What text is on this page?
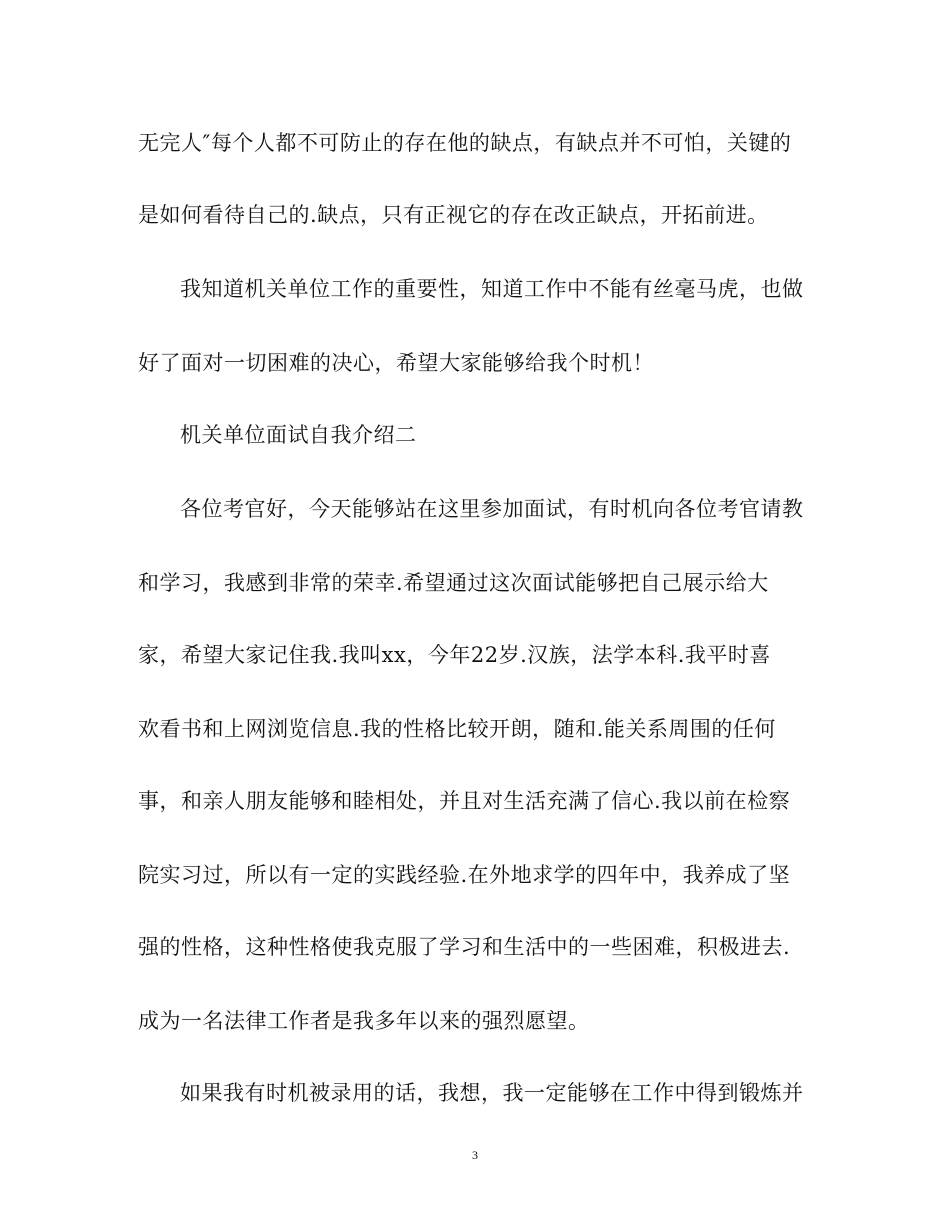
无完人″每个人都不可防止的存在他的缺点，有缺点并不可怕，关键的
是如何看待自己的.缺点，只有正视它的存在改正缺点，开拓前进。
我知道机关单位工作的重要性，知道工作中不能有丝毫马虎，也做
好了面对一切困难的决心，希望大家能够给我个时机！
机关单位面试自我介绍二
各位考官好，今天能够站在这里参加面试，有时机向各位考官请教
和学习，我感到非常的荣幸.希望通过这次面试能够把自己展示给大
家，希望大家记住我.我叫xx，今年22岁.汉族，法学本科.我平时喜
欢看书和上网浏览信息.我的性格比较开朗，随和.能关系周围的任何
事，和亲人朋友能够和睦相处，并且对生活充满了信心.我以前在检察
院实习过，所以有一定的实践经验.在外地求学的四年中，我养成了坚
强的性格，这种性格使我克服了学习和生活中的一些困难，积极进去.
成为一名法律工作者是我多年以来的强烈愿望。
如果我有时机被录用的话，我想，我一定能够在工作中得到锻炼并
3
